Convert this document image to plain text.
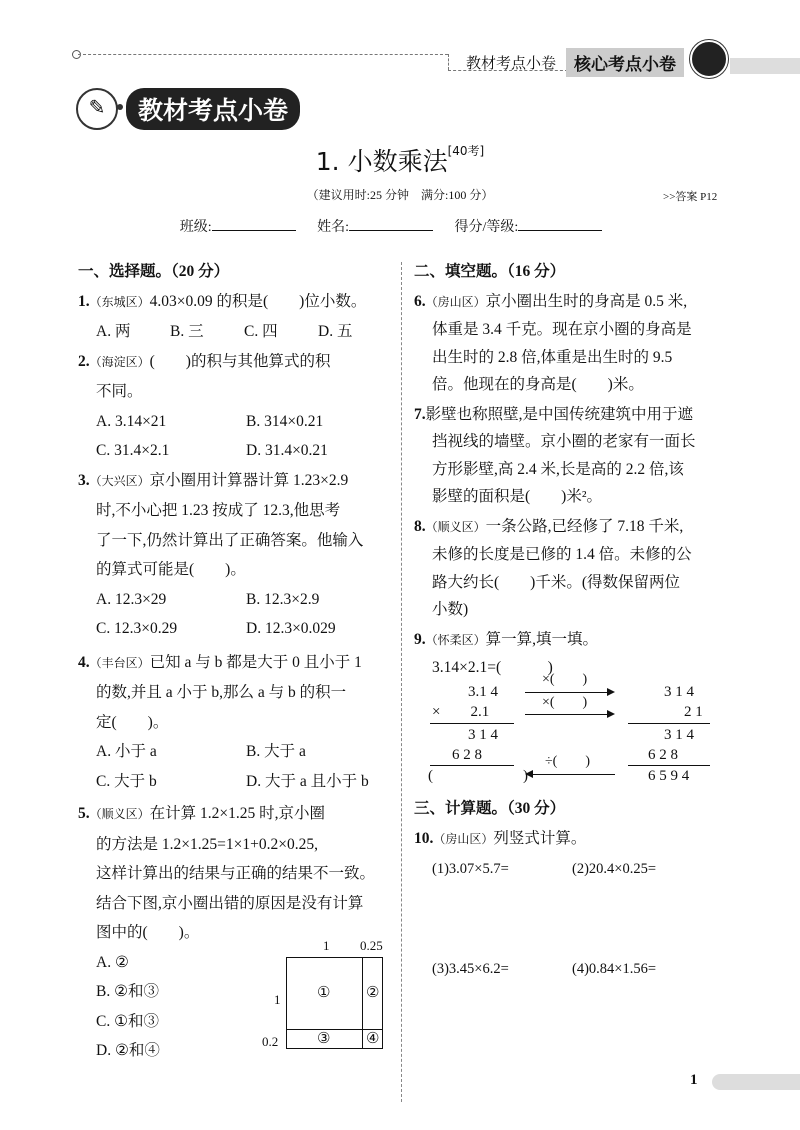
教材考点小卷	核心考点小卷
✎	教材考点小卷
1. 小数乘法[40考]
（建议用时:25 分钟　满分:100 分）	>>答案 P12
班级:	姓名:	得分/等级:
一、选择题。（20 分）
1.（东城区）4.03×0.09 的积是(　　)位小数。
A. 两	B. 三	C. 四	D. 五
2.（海淀区）(　　)的积与其他算式的积
不同。
A. 3.14×21	B. 314×0.21
C. 31.4×2.1	D. 31.4×0.21
3.（大兴区）京小圈用计算器计算 1.23×2.9
时,不小心把 1.23 按成了 12.3,他思考
了一下,仍然计算出了正确答案。他输入
的算式可能是(　　)。
A. 12.3×29	B. 12.3×2.9
C. 12.3×0.29	D. 12.3×0.029
4.（丰台区）已知 a 与 b 都是大于 0 且小于 1
的数,并且 a 小于 b,那么 a 与 b 的积一
定(　　)。
A. 小于 a	B. 大于 a
C. 大于 b	D. 大于 a 且小于 b
5.（顺义区）在计算 1.2×1.25 时,京小圈
的方法是 1.2×1.25=1×1+0.2×0.25,
这样计算出的结果与正确的结果不一致。
结合下图,京小圈出错的原因是没有计算
图中的(　　)。
A. ②
B. ②和③
C. ①和③
D. ②和④
① ②
③ ④
1 0.25
1
0.2
二、填空题。（16 分）
6.（房山区）京小圈出生时的身高是 0.5 米,
体重是 3.4 千克。现在京小圈的身高是
出生时的 2.8 倍,体重是出生时的 9.5
倍。他现在的身高是(　　)米。
7.影壁也称照壁,是中国传统建筑中用于遮
挡视线的墙壁。京小圈的老家有一面长
方形影壁,高 2.4 米,长是高的 2.2 倍,该
影壁的面积是(　　)米²。
8.（顺义区）一条公路,已经修了 7.18 千米,
未修的长度是已修的 1.4 倍。未修的公
路大约长(　　)千米。(得数保留两位
小数)
9.（怀柔区）算一算,填一填。
3.14×2.1=(　　　)
3.1 4
×　　2.1
3 1 4
6 2 8
(　　　　　　)
×(　　)
×(　　)
÷(　　)
3 1 4
2 1
3 1 4
6 2 8
6 5 9 4
三、计算题。（30 分）
10.（房山区）列竖式计算。
(1)3.07×5.7=	(2)20.4×0.25=
(3)3.45×6.2=	(4)0.84×1.56=
1
